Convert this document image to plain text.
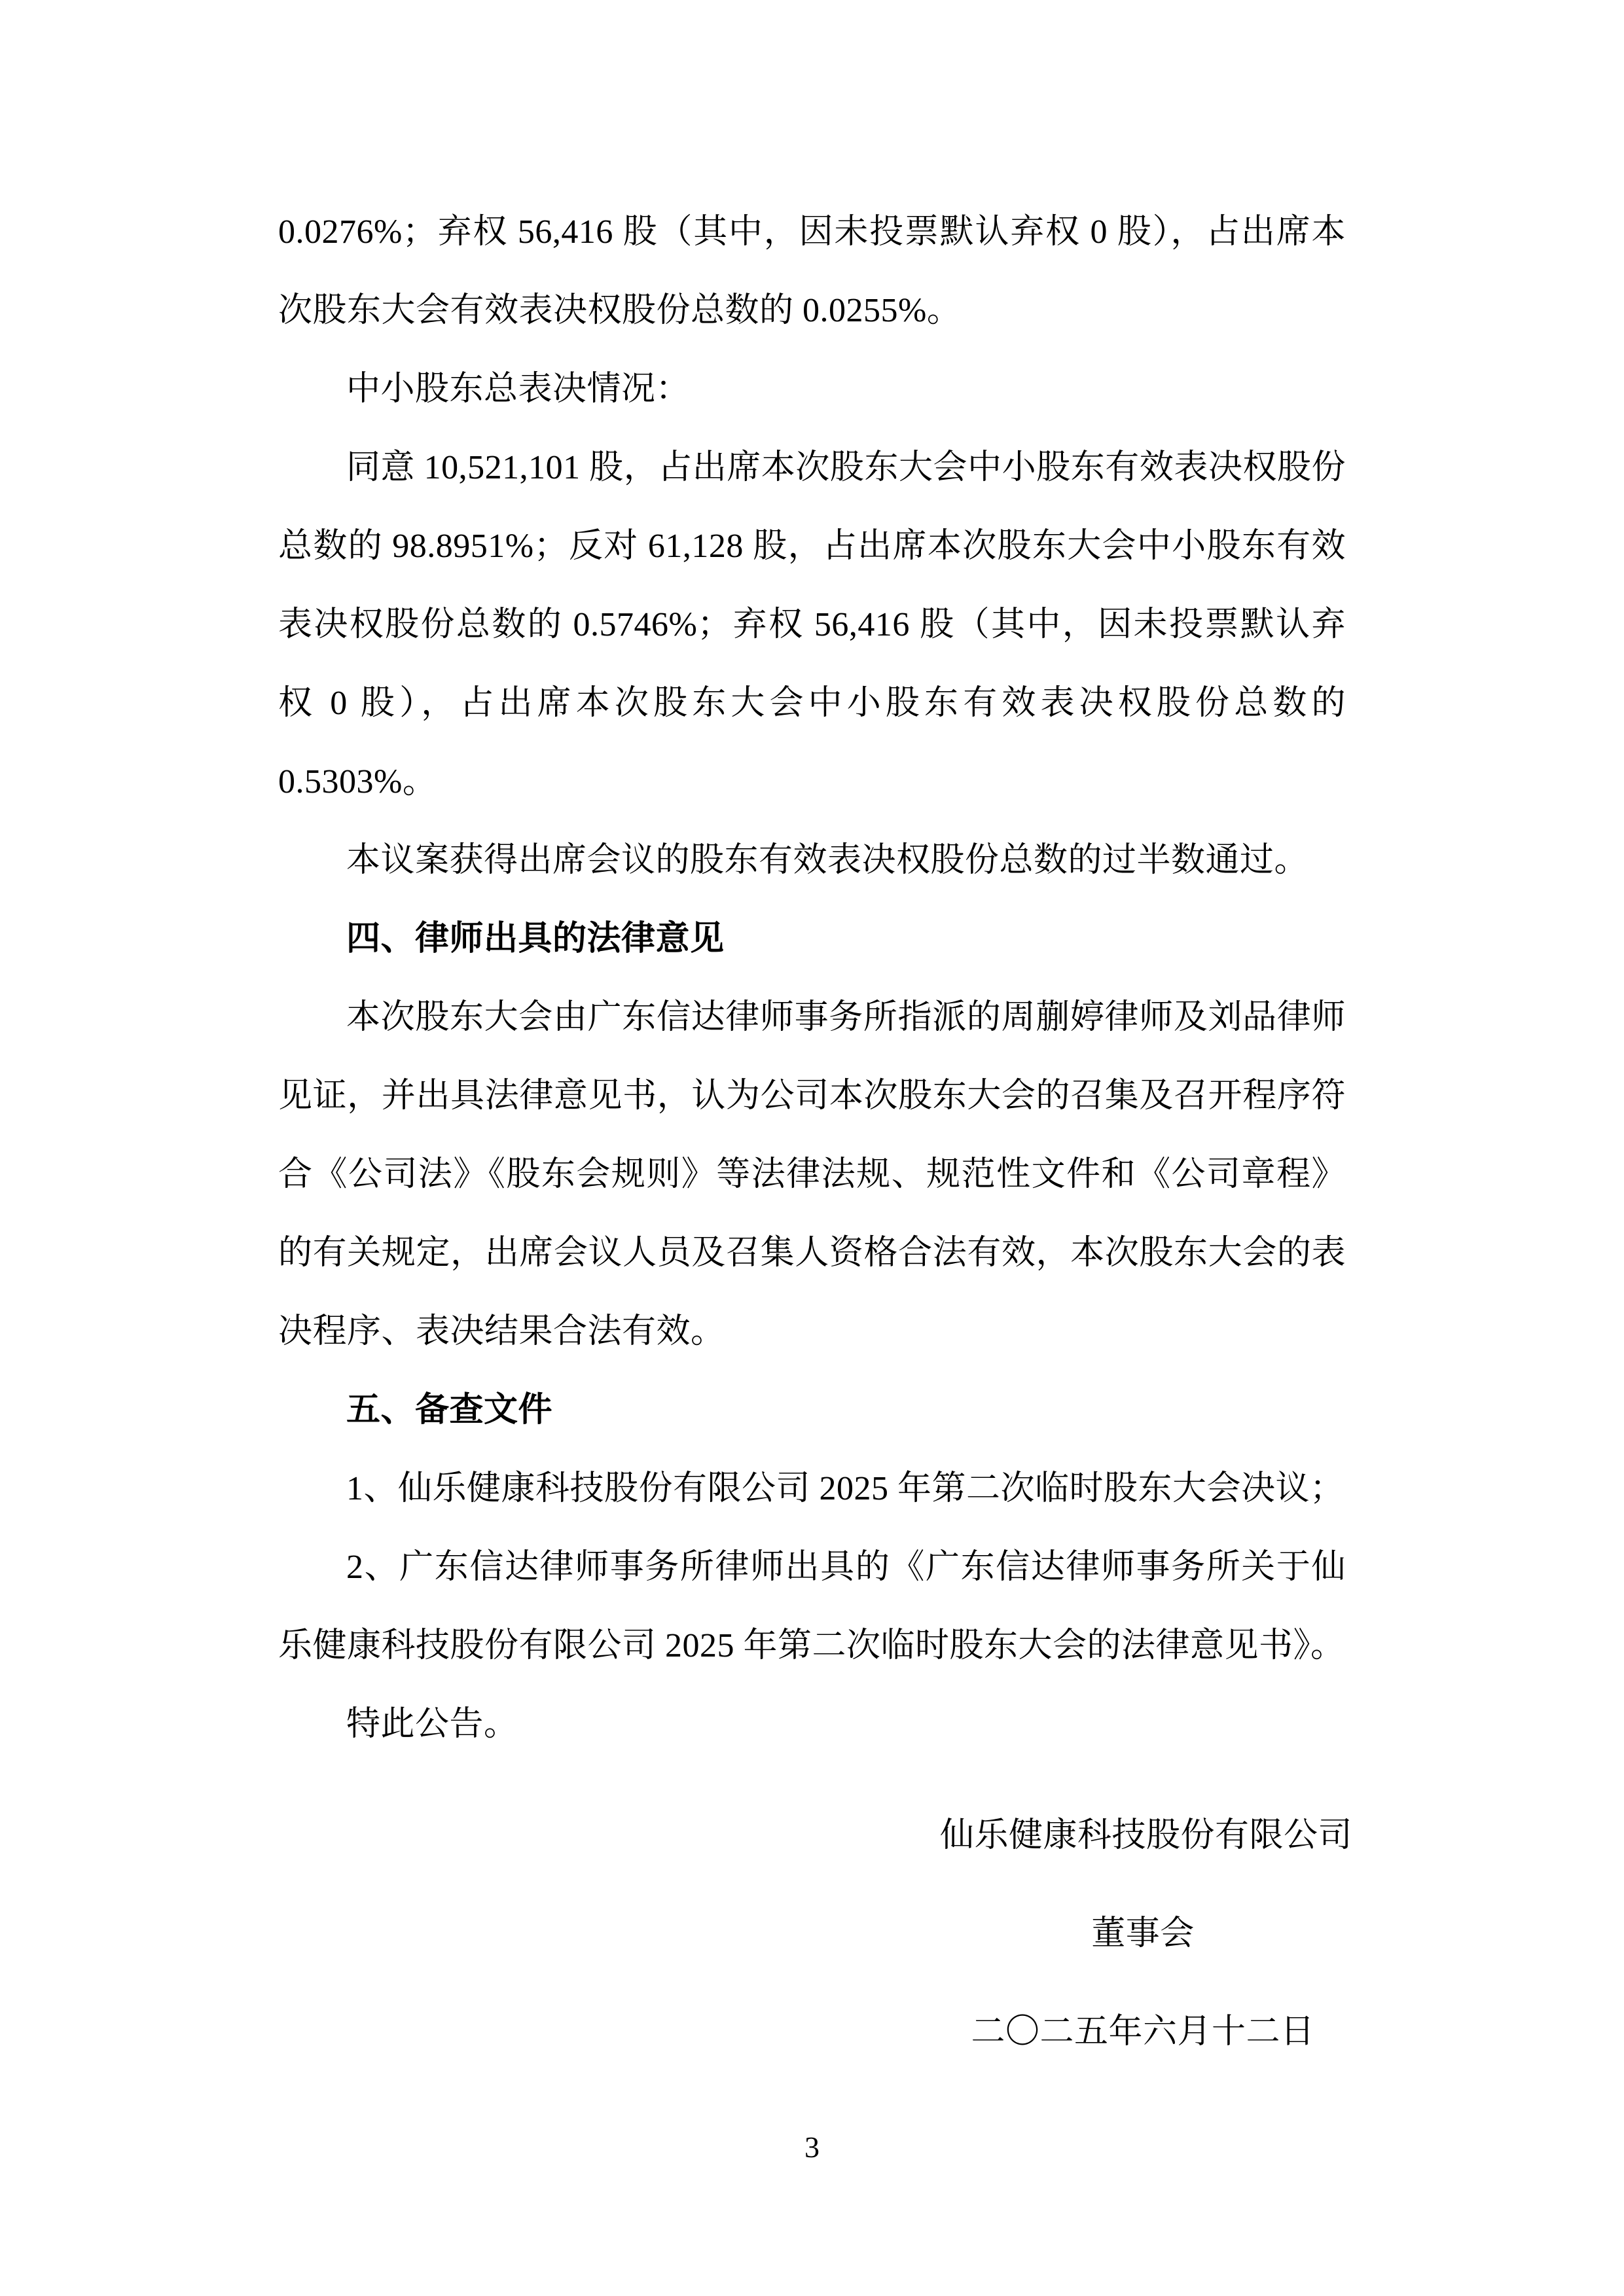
0.0276%；弃权 56,416 股（其中，因未投票默认弃权 0 股），占出席本次股东大会有效表决权股份总数的 0.0255%。

中小股东总表决情况：

同意 10,521,101 股，占出席本次股东大会中小股东有效表决权股份总数的 98.8951%；反对 61,128 股，占出席本次股东大会中小股东有效表决权股份总数的 0.5746%；弃权 56,416 股（其中，因未投票默认弃权 0 股），占出席本次股东大会中小股东有效表决权股份总数的 0.5303%。

本议案获得出席会议的股东有效表决权股份总数的过半数通过。

四、律师出具的法律意见

本次股东大会由广东信达律师事务所指派的周蒯婷律师及刘品律师见证，并出具法律意见书，认为公司本次股东大会的召集及召开程序符合《公司法》《股东会规则》等法律法规、规范性文件和《公司章程》的有关规定，出席会议人员及召集人资格合法有效，本次股东大会的表决程序、表决结果合法有效。

五、备查文件

1、仙乐健康科技股份有限公司 2025 年第二次临时股东大会决议；

2、广东信达律师事务所律师出具的《广东信达律师事务所关于仙乐健康科技股份有限公司 2025 年第二次临时股东大会的法律意见书》。

特此公告。

仙乐健康科技股份有限公司
董事会
二〇二五年六月十二日
3
